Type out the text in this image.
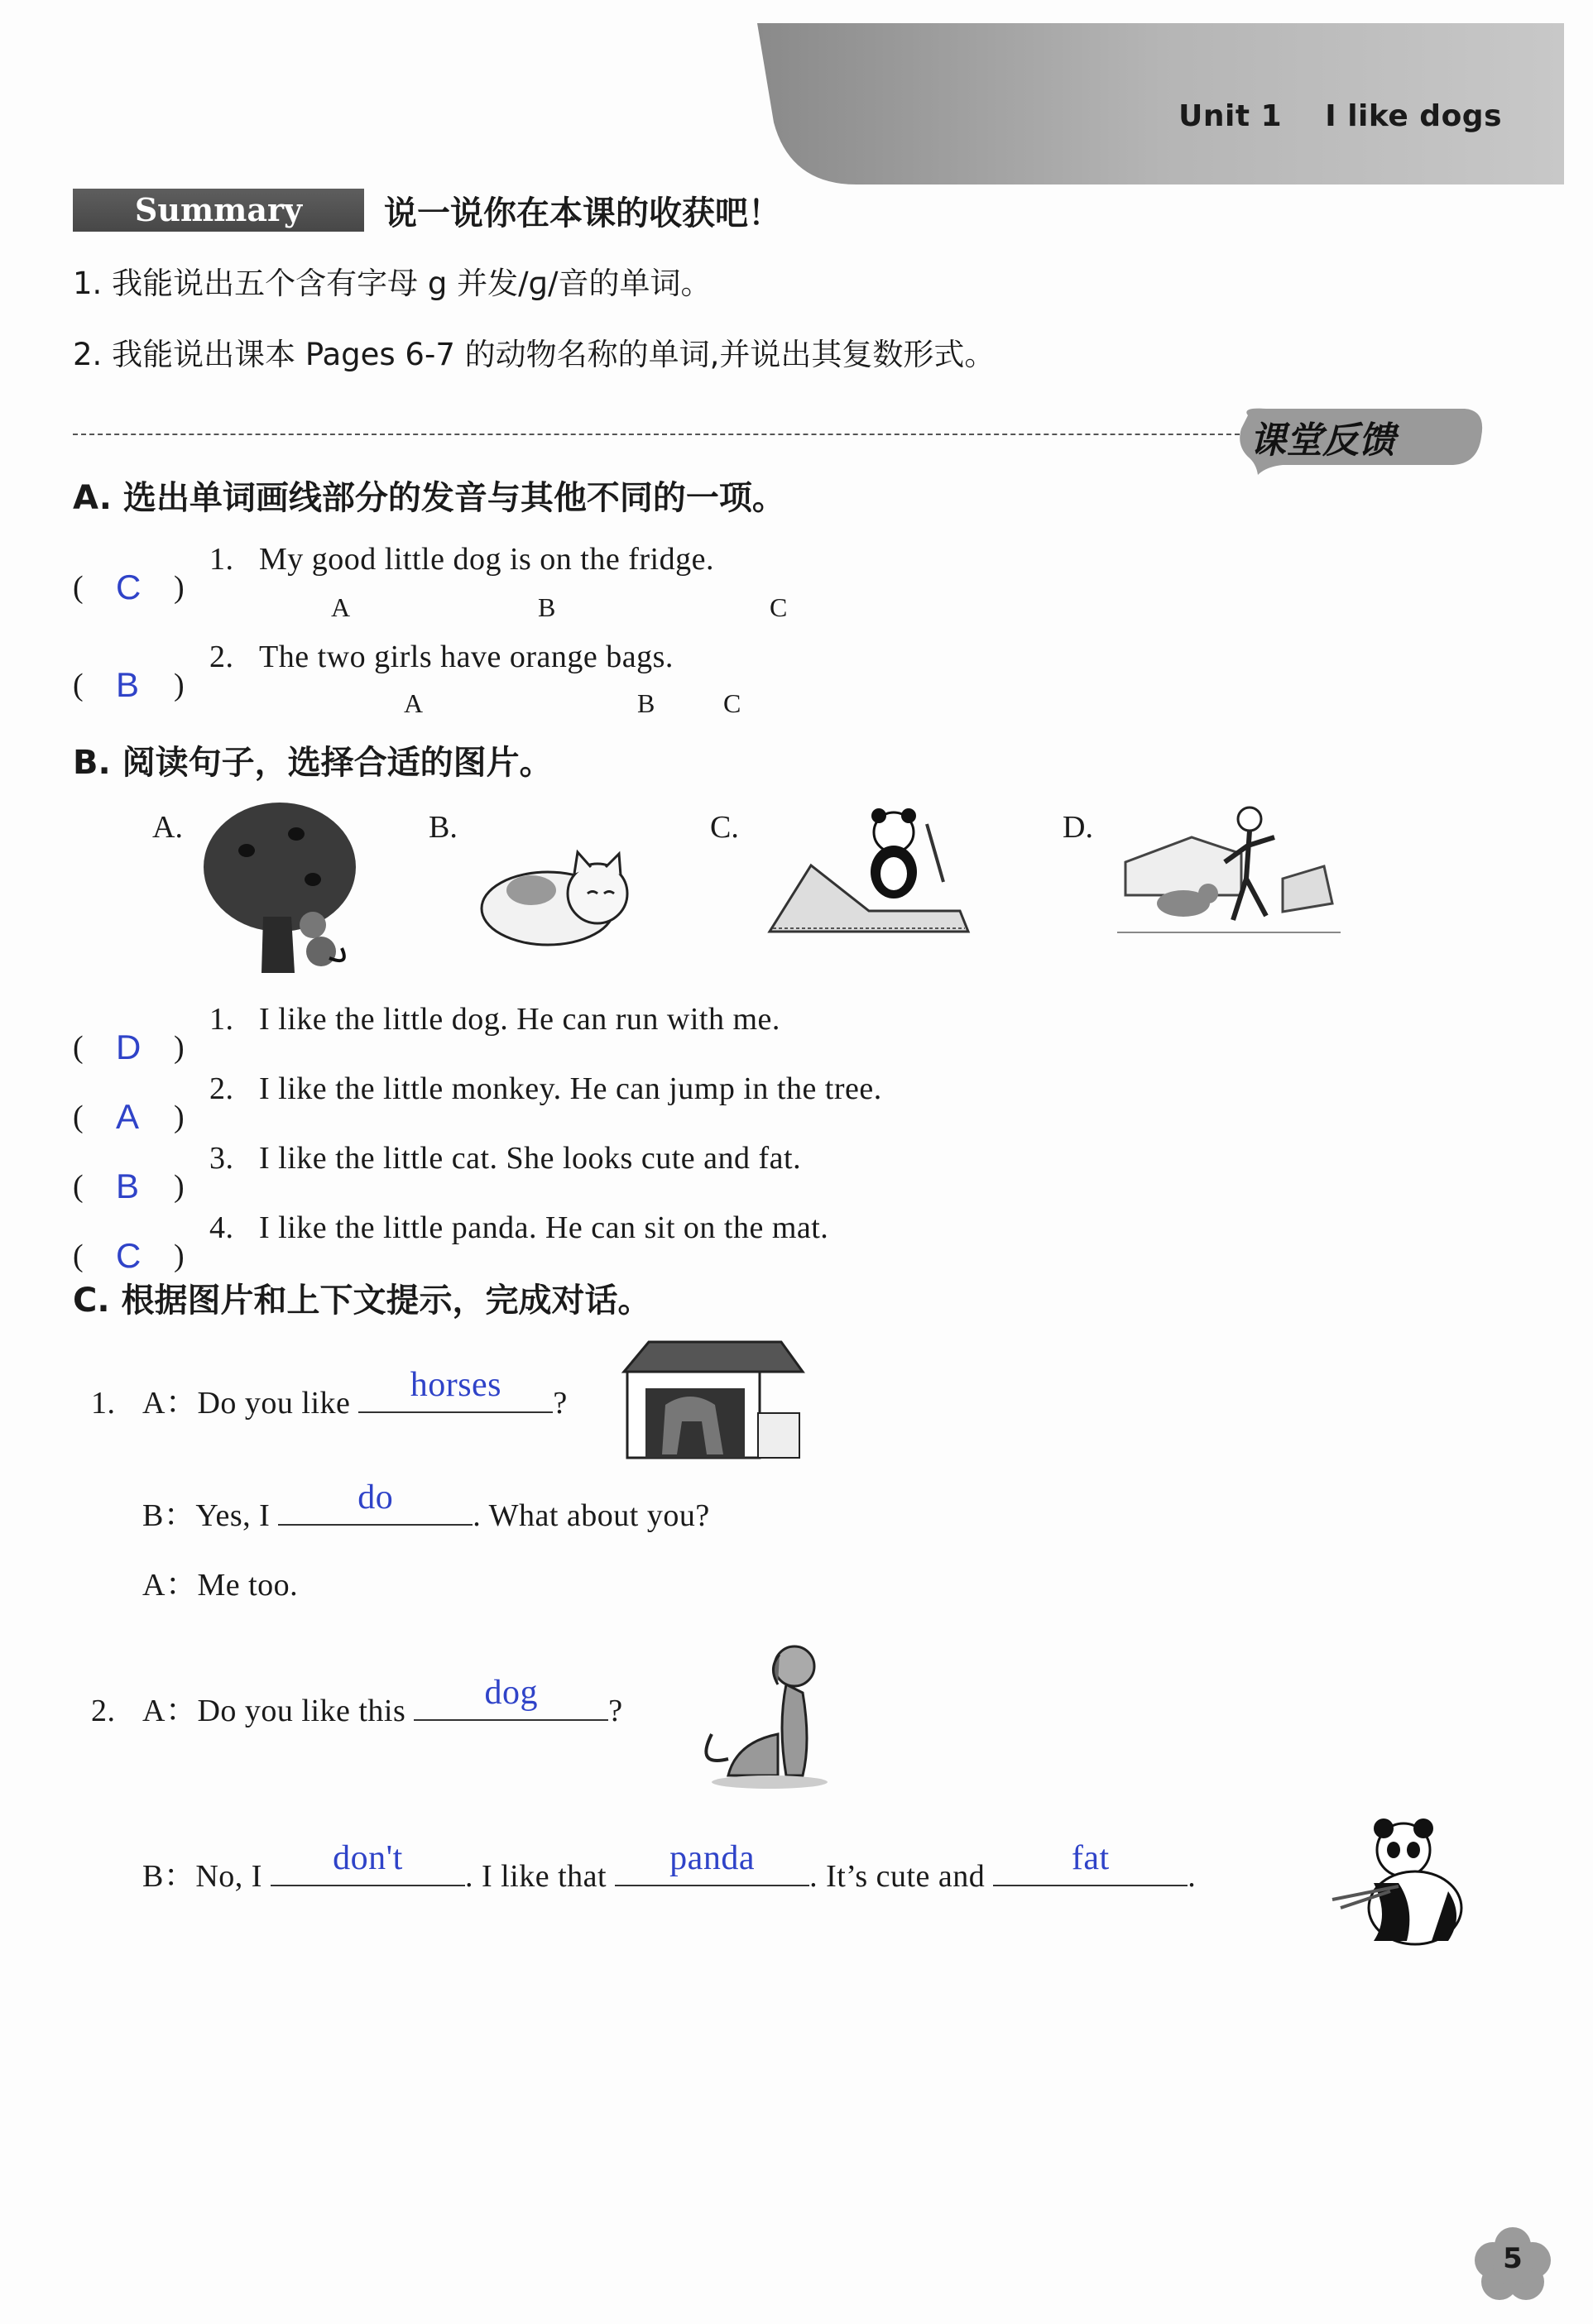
Unit 1    I like dogs
Summary	说一说你在本课的收获吧！
1. 我能说出五个含有字母 g 并发/ɡ/音的单词。
2. 我能说出课本 Pages 6-7 的动物名称的单词,并说出其复数形式。
课堂反馈
A. 选出单词画线部分的发音与其他不同的一项。
( C )
1. My good little dog is on the fridge.
A	B	C
( B )
2. The two girls have orange bags.
A	B	C
B. 阅读句子，选择合适的图片。
A.	B.	C.	D.
( D )
1. I like the little dog. He can run with me.
( A )
2. I like the little monkey. He can jump in the tree.
( B )
3. I like the little cat. She looks cute and fat.
( C )
4. I like the little panda. He can sit on the mat.
C. 根据图片和上下文提示，完成对话。
1. A：Do you like	horses	?
B：Yes, I	do	. What about you?
A：Me too.
2. A：Do you like this	dog	?
B：No, I	don't	. I like that	panda	. It’s cute and	fat	.
5
